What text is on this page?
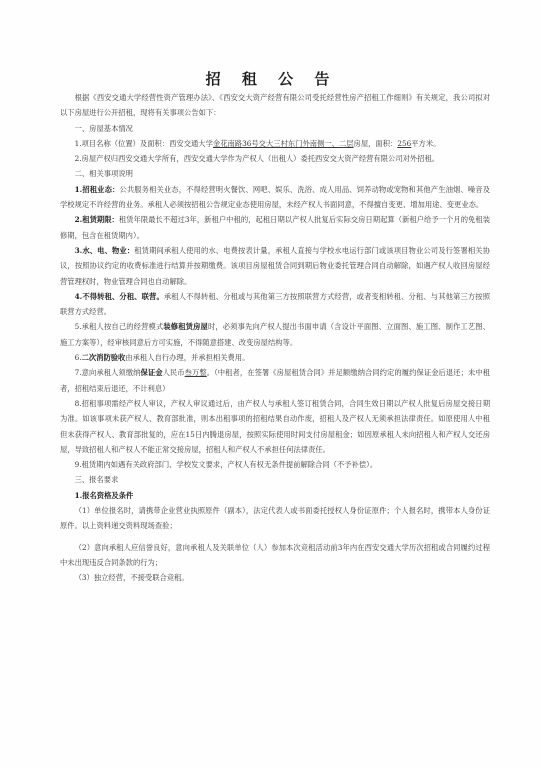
招 租 公 告

根据《西安交通大学经营性资产管理办法》、《西安交大资产经营有限公司受托经营性房产招租工作细则》有关规定，我公司拟对以下房屋进行公开招租，现将有关事项公告如下：

一、房屋基本情况

1.项目名称（位置）及面积：西安交通大学金花南路36号交大三村东门外南侧一、二层房屋，面积：256平方米。

2.房屋产权归西安交通大学所有，西安交通大学作为产权人（出租人）委托西安交大资产经营有限公司对外招租。

二、相关事项说明

1.招租业态：公共服务相关业态，不得经营明火餐饮、网吧、娱乐、洗浴、成人用品、饲养动物或宠物和其他产生油烟、噪音及学校规定不许经营的业务。承租人必须按招租公告规定业态使用房屋，未经产权人书面同意，不得擅自变更、增加用途、变更业态。

2.租赁期限：租赁年限最长不超过3年，新租户中租的，起租日期以产权人批复后实际交房日期起算（新租户给予一个月的免租装修期，包含在租赁期内）。

3.水、电、物业：租赁期间承租人使用的水、电费按表计量，承租人直接与学校水电运行部门或该项目物业公司及行签署相关协议，按照协议约定的收费标准进行结算并按期缴费。该项目房屋租赁合同到期后物业委托管理合同自动解除，如遇产权人收回房屋经营管理权时，物业管理合同也自动解除。

4.不得转租、分租、联营。承租人不得转租、分租或与其他第三方按照联营方式经营，或者变相转租、分租、与其他第三方按照联营方式经营。

5.承租人按自己的经营模式装修租赁房屋时，必须事先向产权人提出书面申请（含设计平面图、立面图、施工图、制作工艺图、施工方案等），经审核同意后方可实施，不得随意搭建、改变房屋结构等。

6.二次消防验收由承租人自行办理，并承担相关费用。

7.意向承租人须缴纳保证金人民币叁万整。（中租者，在签署《房屋租赁合同》并足额缴纳合同约定的履约保证金后退还；未中租者，招租结束后退还，不计利息）

8.招租事项需经产权人审议，产权人审议通过后，由产权人与承租人签订租赁合同，合同生效日期以产权人批复后房屋交接日期为准。如该事项未获产权人、教育部批准，则本出租事项的招租结果自动作废，招租人及产权人无须承担法律责任。如原使用人中租但未获得产权人、教育部批复的，应在15日内腾退房屋，按照实际使用时间支付房屋租金；如因原承租人未向招租人和产权人交还房屋，导致招租人和产权人不能正常交接房屋，招租人和产权人不承担任何法律责任。

9.租赁期内如遇有关政府部门、学校发文要求，产权人有权无条件提前解除合同（不予补偿）。

三、报名要求

1.报名资格及条件

（1）单位报名时，请携带企业营业执照原件（副本），法定代表人或书面委托授权人身份证原件；个人报名时，携带本人身份证原件。以上资料递交资料现场查验；

（2）意向承租人应信誉良好，意向承租人及关联单位（人）参加本次竞租活动前3年内在西安交通大学历次招租或合同履约过程中未出现违反合同条款的行为；

（3）独立经营，不接受联合竞租。
